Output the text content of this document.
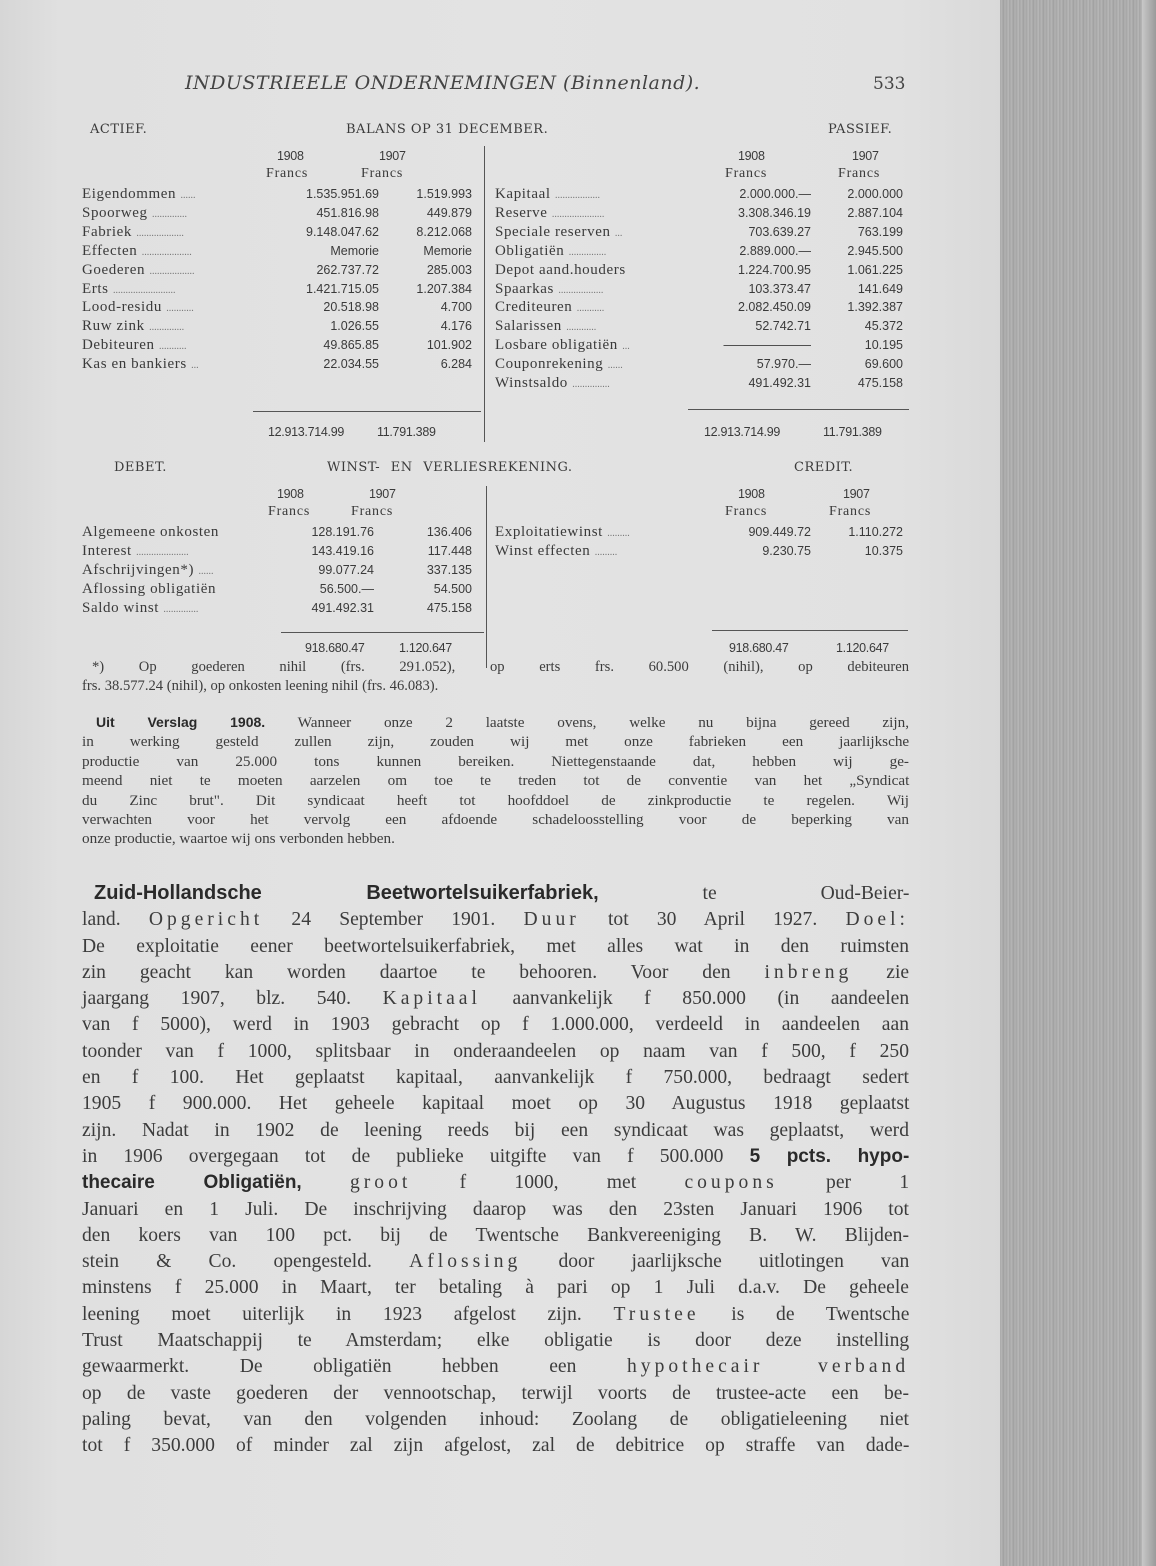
INDUSTRIEELE ONDERNEMINGEN (Binnenland).	533
ACTIEF.	BALANS OP 31 DECEMBER.	PASSIEF.
1908	1907	1908	1907
Francs	Francs	Francs	Francs
Eigendommen ......	1.535.951.69	1.519.993
Spoorweg ..............	451.816.98	449.879
Fabriek ...................	9.148.047.62	8.212.068
Effecten ....................	Memorie	Memorie
Goederen ..................	262.737.72	285.003
Erts .........................	1.421.715.05	1.207.384
Lood-residu ...........	20.518.98	4.700
Ruw zink ..............	1.026.55	4.176
Debiteuren ...........	49.865.85	101.902
Kas en bankiers ...	22.034.55	6.284
Kapitaal ..................	2.000.000.—	2.000.000
Reserve .....................	3.308.346.19	2.887.104
Speciale reserven ...	703.639.27	763.199
Obligatiën ...............	2.889.000.—	2.945.500
Depot aand.houders	1.224.700.95	1.061.225
Spaarkas ..................	103.373.47	141.649
Crediteuren ...........	2.082.450.09	1.392.387
Salarissen ............	52.742.71	45.372
Losbare obligatiën ...	———————	10.195
Couponrekening ......	57.970.—	69.600
Winstsaldo ...............	491.492.31	475.158
12.913.714.99	11.791.389	12.913.714.99	11.791.389
DEBET.	WINST- EN VERLIESREKENING.	CREDIT.
1908	1907	1908	1907
Francs	Francs	Francs	Francs
Algemeene onkosten	128.191.76	136.406
Interest .....................	143.419.16	117.448
Afschrijvingen*) ......	99.077.24	337.135
Aflossing obligatiën	56.500.—	54.500
Saldo winst ..............	491.492.31	475.158
Exploitatiewinst .........	909.449.72	1.110.272
Winst effecten .........	9.230.75	10.375
918.680.47	1.120.647	918.680.47	1.120.647
*) Op goederen nihil (frs. 291.052), op erts frs. 60.500 (nihil), op debiteuren
frs. 38.577.24 (nihil), op onkosten leening nihil (frs. 46.083).
Uit Verslag 1908. Wanneer onze 2 laatste ovens, welke nu bijna gereed zijn,
in werking gesteld zullen zijn, zouden wij met onze fabrieken een jaarlijksche
productie van 25.000 tons kunnen bereiken. Niettegenstaande dat, hebben wij ge-
meend niet te moeten aarzelen om toe te treden tot de conventie van het „Syndicat
du Zinc brut". Dit syndicaat heeft tot hoofddoel de zinkproductie te regelen. Wij
verwachten voor het vervolg een afdoende schadeloosstelling voor de beperking van
onze productie, waartoe wij ons verbonden hebben.
Zuid-Hollandsche Beetwortelsuikerfabriek, te Oud-Beier-
land. Opgericht 24 September 1901. Duur tot 30 April 1927. Doel:
De exploitatie eener beetwortelsuikerfabriek, met alles wat in den ruimsten
zin geacht kan worden daartoe te behooren. Voor den inbreng zie
jaargang 1907, blz. 540. Kapitaal aanvankelijk f 850.000 (in aandeelen
van f 5000), werd in 1903 gebracht op f 1.000.000, verdeeld in aandeelen aan
toonder van f 1000, splitsbaar in onderaandeelen op naam van f 500, f 250
en f 100. Het geplaatst kapitaal, aanvankelijk f 750.000, bedraagt sedert
1905 f 900.000. Het geheele kapitaal moet op 30 Augustus 1918 geplaatst
zijn. Nadat in 1902 de leening reeds bij een syndicaat was geplaatst, werd
in 1906 overgegaan tot de publieke uitgifte van f 500.000 5 pcts. hypo-
thecaire Obligatiën, groot f 1000, met coupons per 1
Januari en 1 Juli. De inschrijving daarop was den 23sten Januari 1906 tot
den koers van 100 pct. bij de Twentsche Bankvereeniging B. W. Blijden-
stein & Co. opengesteld. Aflossing door jaarlijksche uitlotingen van
minstens f 25.000 in Maart, ter betaling à pari op 1 Juli d.a.v. De geheele
leening moet uiterlijk in 1923 afgelost zijn. Trustee is de Twentsche
Trust Maatschappij te Amsterdam; elke obligatie is door deze instelling
gewaarmerkt. De obligatiën hebben een hypothecair verband
op de vaste goederen der vennootschap, terwijl voorts de trustee-acte een be-
paling bevat, van den volgenden inhoud: Zoolang de obligatieleening niet
tot f 350.000 of minder zal zijn afgelost, zal de debitrice op straffe van dade-
